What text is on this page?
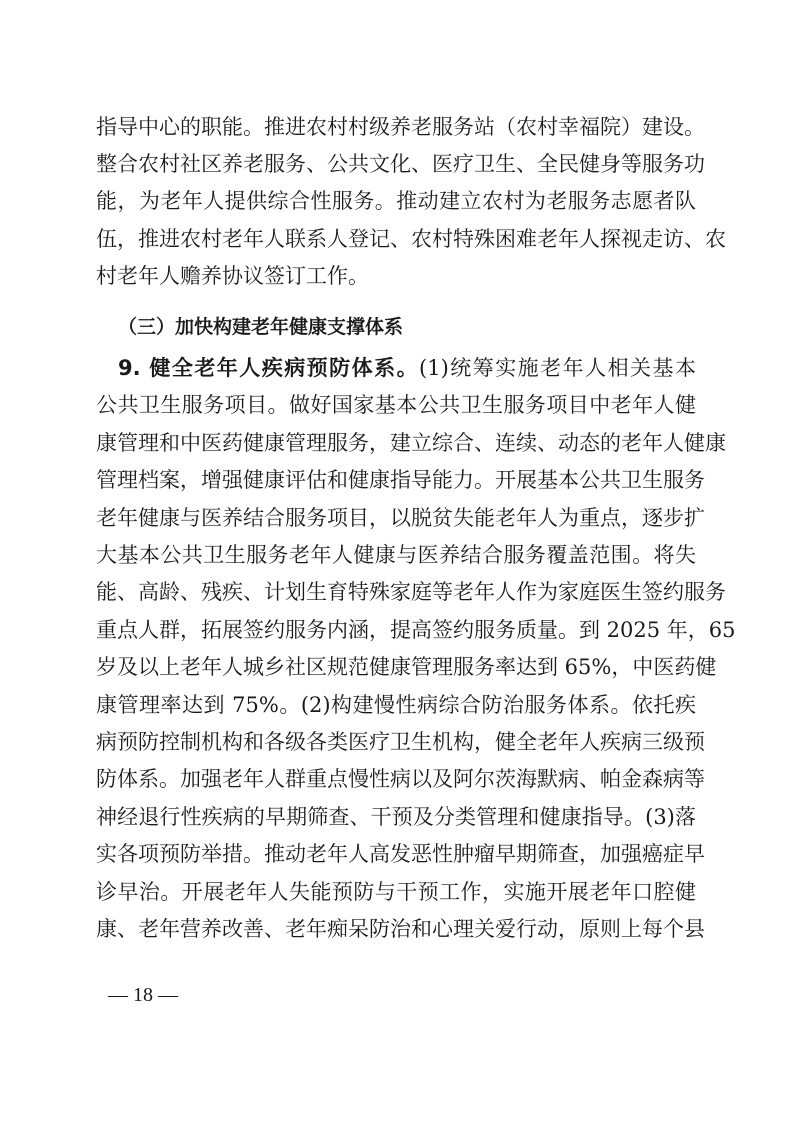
指导中心的职能。推进农村村级养老服务站（农村幸福院）建设。
整合农村社区养老服务、公共文化、医疗卫生、全民健身等服务功
能，为老年人提供综合性服务。推动建立农村为老服务志愿者队
伍，推进农村老年人联系人登记、农村特殊困难老年人探视走访、农
村老年人赡养协议签订工作。
（三）加快构建老年健康支撑体系
9. 健全老年人疾病预防体系。(1)统筹实施老年人相关基本
公共卫生服务项目。做好国家基本公共卫生服务项目中老年人健
康管理和中医药健康管理服务，建立综合、连续、动态的老年人健康
管理档案，增强健康评估和健康指导能力。开展基本公共卫生服务
老年健康与医养结合服务项目，以脱贫失能老年人为重点，逐步扩
大基本公共卫生服务老年人健康与医养结合服务覆盖范围。将失
能、高龄、残疾、计划生育特殊家庭等老年人作为家庭医生签约服务
重点人群，拓展签约服务内涵，提高签约服务质量。到 2025 年，65
岁及以上老年人城乡社区规范健康管理服务率达到 65%，中医药健
康管理率达到 75%。(2)构建慢性病综合防治服务体系。依托疾
病预防控制机构和各级各类医疗卫生机构，健全老年人疾病三级预
防体系。加强老年人群重点慢性病以及阿尔茨海默病、帕金森病等
神经退行性疾病的早期筛查、干预及分类管理和健康指导。(3)落
实各项预防举措。推动老年人高发恶性肿瘤早期筛查，加强癌症早
诊早治。开展老年人失能预防与干预工作，实施开展老年口腔健
康、老年营养改善、老年痴呆防治和心理关爱行动，原则上每个县
— 18 —
